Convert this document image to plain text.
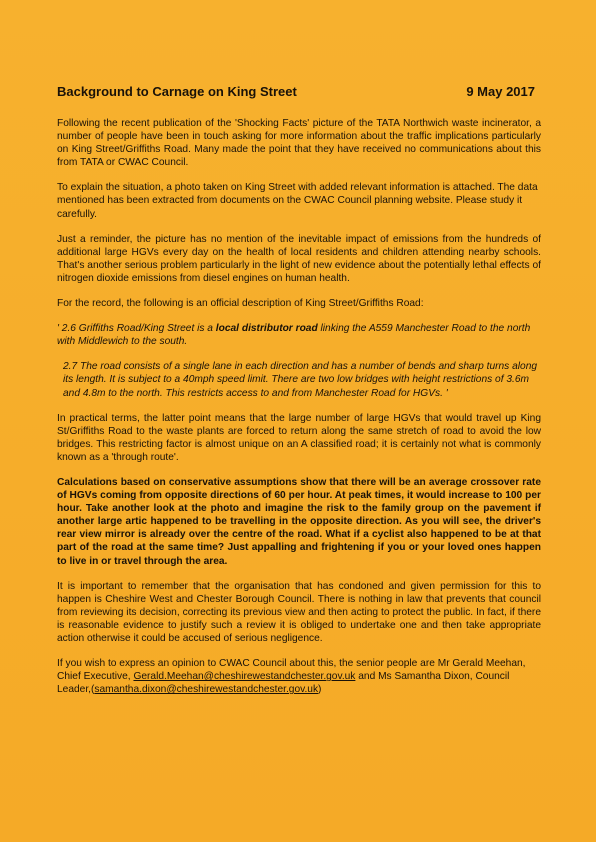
Background to Carnage on King Street	9 May 2017

Following the recent publication of the 'Shocking Facts' picture of the TATA Northwich waste incinerator, a number of people have been in touch asking for more information about the traffic implications particularly on King Street/Griffiths Road. Many made the point that they have received no communications about this from TATA or CWAC Council.

To explain the situation, a photo taken on King Street with added relevant information is attached. The data mentioned has been extracted from documents on the CWAC Council planning website. Please study it carefully.

Just a reminder, the picture has no mention of the inevitable impact of emissions from the hundreds of additional large HGVs every day on the health of local residents and children attending nearby schools. That's another serious problem particularly in the light of new evidence about the potentially lethal effects of nitrogen dioxide emissions from diesel engines on human health.

For the record, the following is an official description of King Street/Griffiths Road:

' 2.6 Griffiths Road/King Street is a local distributor road linking the A559 Manchester Road to the north with Middlewich to the south.

2.7 The road consists of a single lane in each direction and has a number of bends and sharp turns along its length. It is subject to a 40mph speed limit. There are two low bridges with height restrictions of 3.6m and 4.8m to the north. This restricts access to and from Manchester Road for HGVs. '

In practical terms, the latter point means that the large number of large HGVs that would travel up King St/Griffiths Road to the waste plants are forced to return along the same stretch of road to avoid the low bridges. This restricting factor is almost unique on an A classified road; it is certainly not what is commonly known as a 'through route'.

Calculations based on conservative assumptions show that there will be an average crossover rate of HGVs coming from opposite directions of 60 per hour. At peak times, it would increase to 100 per hour. Take another look at the photo and imagine the risk to the family group on the pavement if another large artic happened to be travelling in the opposite direction. As you will see, the driver's rear view mirror is already over the centre of the road. What if a cyclist also happened to be at that part of the road at the same time? Just appalling and frightening if you or your loved ones happen to live in or travel through the area.

It is important to remember that the organisation that has condoned and given permission for this to happen is Cheshire West and Chester Borough Council. There is nothing in law that prevents that council from reviewing its decision, correcting its previous view and then acting to protect the public. In fact, if there is reasonable evidence to justify such a review it is obliged to undertake one and then take appropriate action otherwise it could be accused of serious negligence.

If you wish to express an opinion to CWAC Council about this, the senior people are Mr Gerald Meehan, Chief Executive, Gerald.Meehan@cheshirewestandchester.gov.uk and Ms Samantha Dixon, Council Leader,(samantha.dixon@cheshirewestandchester.gov.uk)
